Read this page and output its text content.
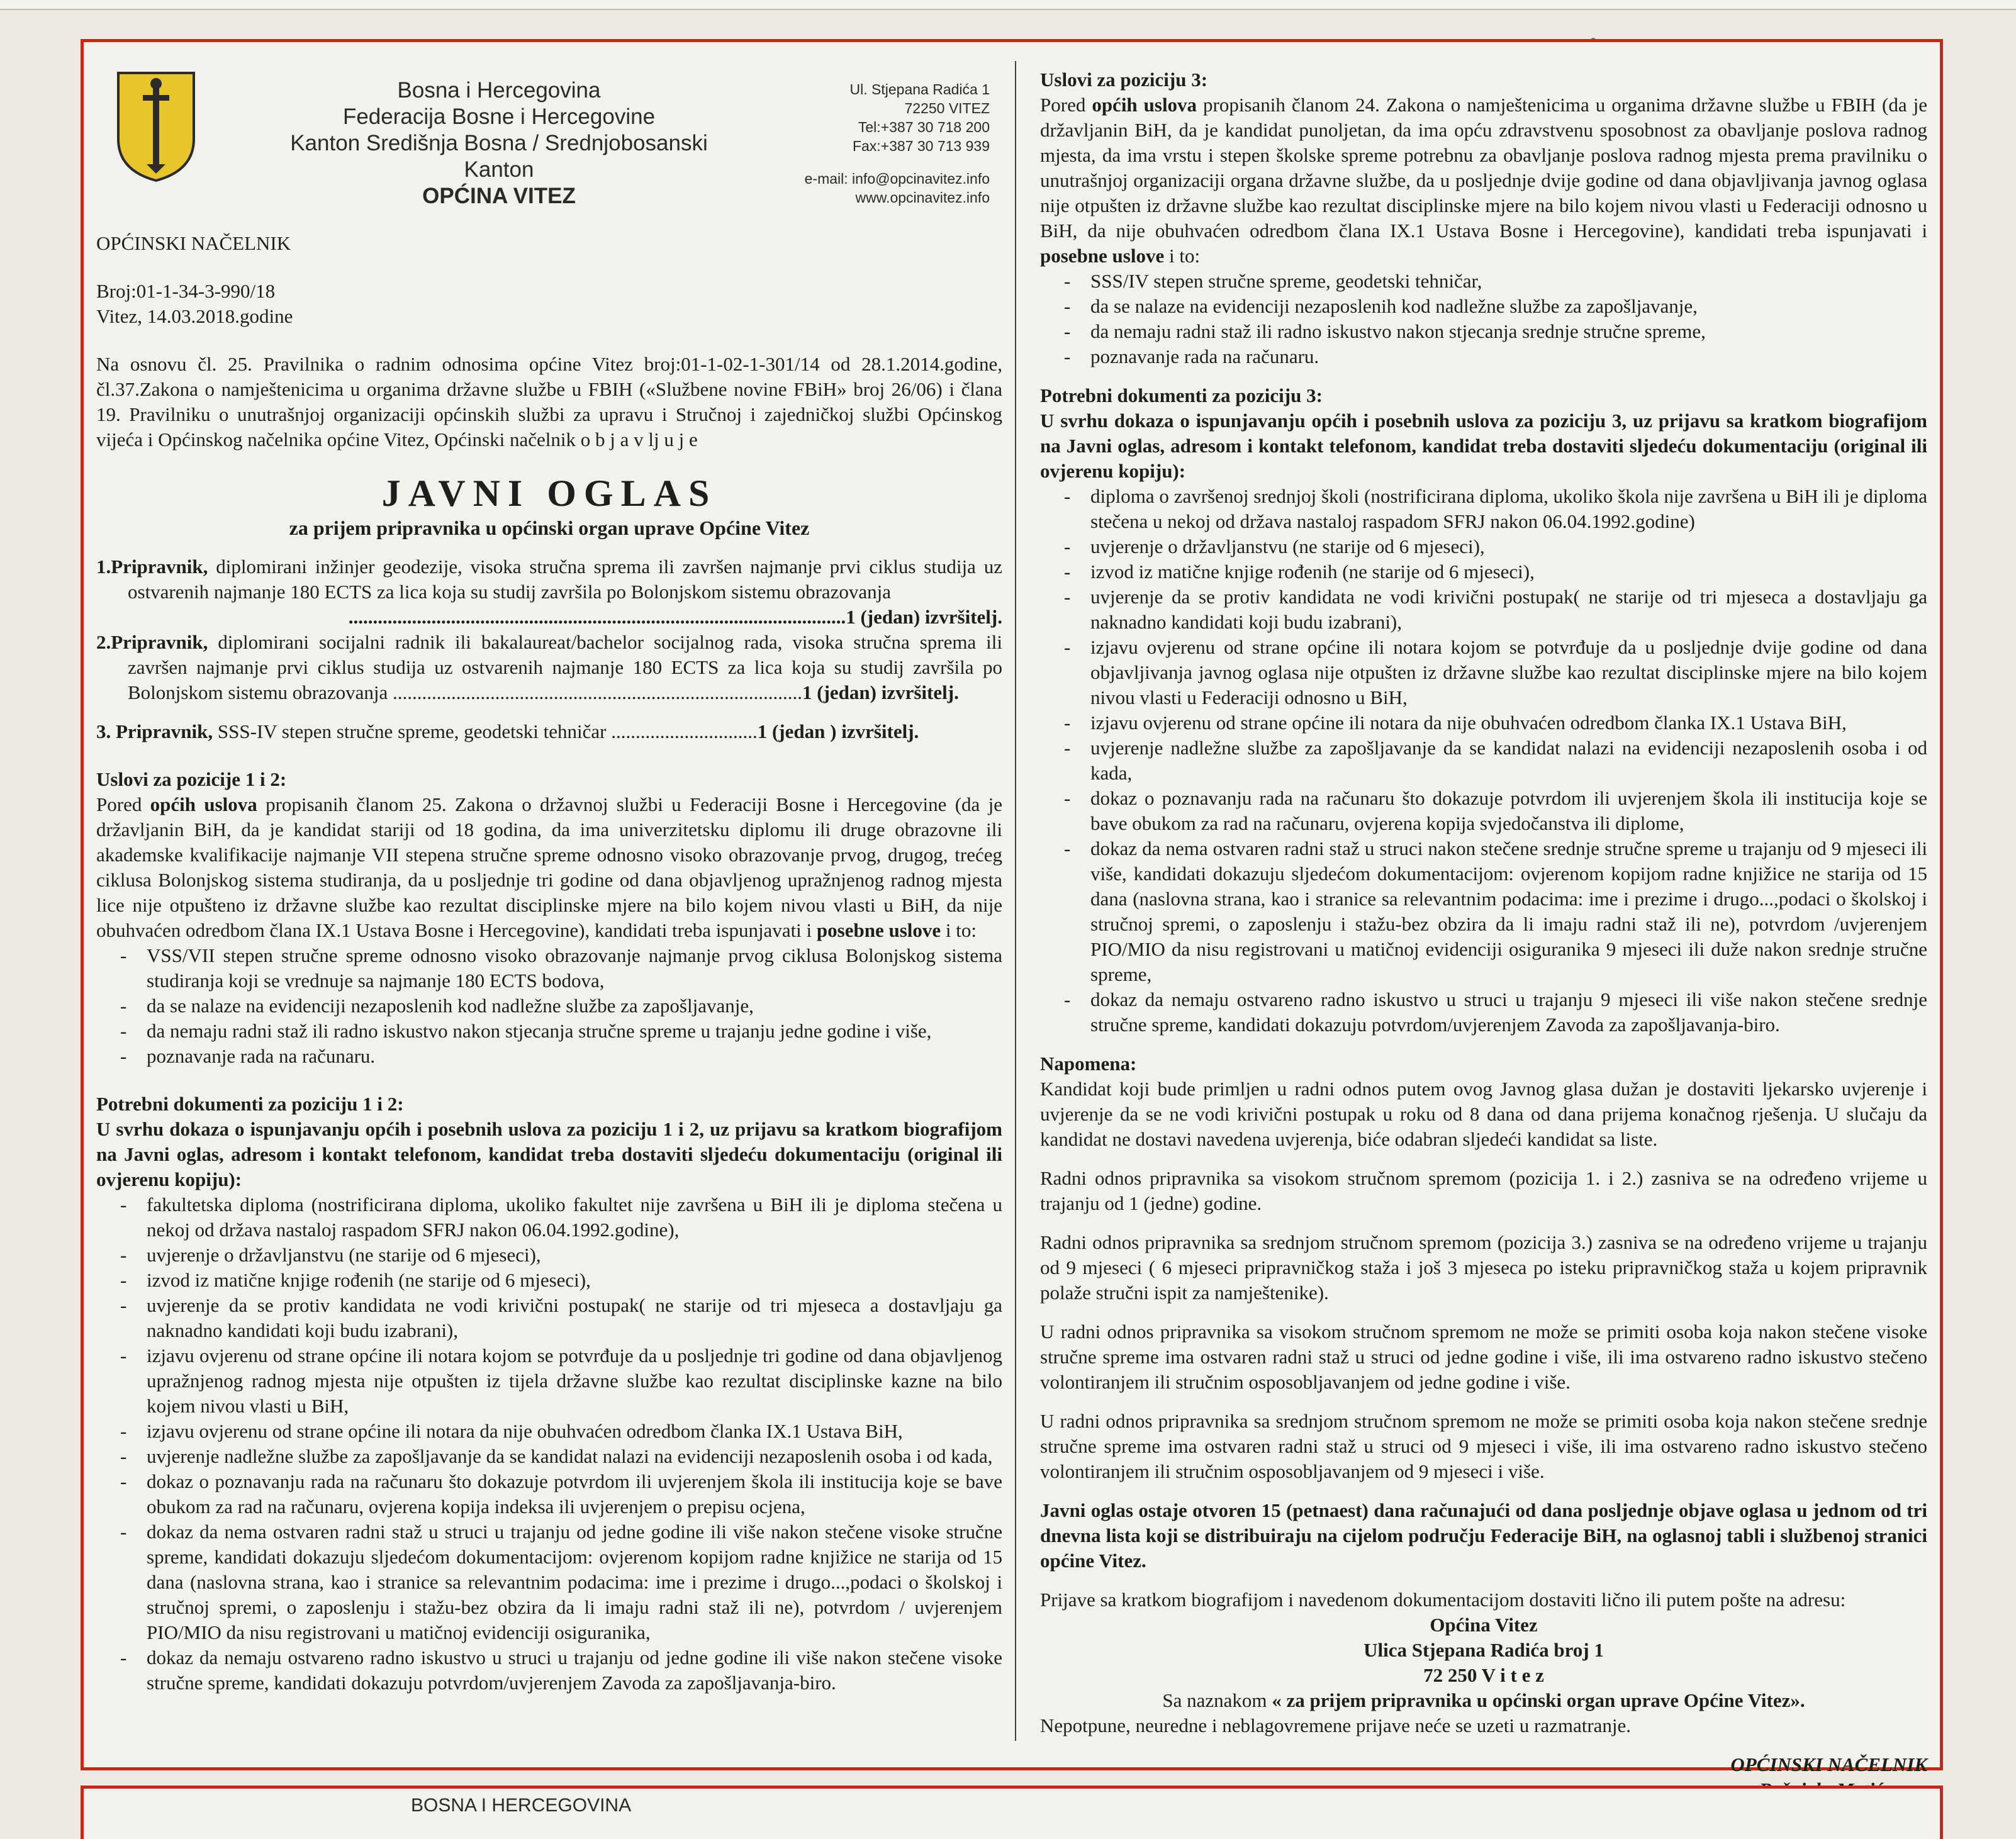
Bosna i Hercegovina
Federacija Bosne i Hercegovine
Kanton Središnja Bosna / Srednjobosanski Kanton
OPĆINA VITEZ
Ul. Stjepana Radića 1
72250 VITEZ
Tel:+387 30 718 200
Fax:+387 30 713 939
e-mail: info@opcinavitez.info
www.opcinavitez.info
OPĆINSKI NAČELNIK
Broj:01-1-34-3-990/18
Vitez, 14.03.2018.godine

Na osnovu čl. 25. Pravilnika o radnim odnosima općine Vitez broj:01-1-02-1-301/14 od 28.1.2014.godine, čl.37.Zakona o namještenicima u organima državne službe u FBIH («Službene novine FBiH» broj 26/06) i člana 19. Pravilniku o unutrašnjoj organizaciji općinskih službi za upravu i Stručnoj i zajedničkoj službi Općinskog vijeća i Općinskog načelnika općine Vitez, Općinski načelnik o b j a v lj u j e

JAVNI OGLAS
za prijem pripravnika u općinski organ uprave Općine Vitez

1.Pripravnik, diplomirani inžinjer geodezije, visoka stručna sprema ili završen najmanje prvi ciklus studija uz ostvarenih najmanje 180 ECTS za lica koja su studij završila po Bolonjskom sistemu obrazovanja

......................................................................................................1 (jedan) izvršitelj.

2.Pripravnik, diplomirani socijalni radnik ili bakalaureat/bachelor socijalnog rada, visoka stručna sprema ili završen najmanje prvi ciklus studija uz ostvarenih najmanje 180 ECTS za lica koja su studij završila po Bolonjskom sistemu obrazovanja ....................................................................................1 (jedan) izvršitelj.

3. Pripravnik, SSS-IV stepen stručne spreme, geodetski tehničar ..............................1 (jedan ) izvršitelj.

Uslovi za pozicije 1 i 2:

Pored općih uslova propisanih članom 25. Zakona o državnoj službi u Federaciji Bosne i Hercegovine (da je državljanin BiH, da je kandidat stariji od 18 godina, da ima univerzitetsku diplomu ili druge obrazovne ili akademske kvalifikacije najmanje VII stepena stručne spreme odnosno visoko obrazovanje prvog, drugog, trećeg ciklusa Bolonjskog sistema studiranja, da u posljednje tri godine od dana objavljenog upražnjenog radnog mjesta lice nije otpušteno iz državne službe kao rezultat disciplinske mjere na bilo kojem nivou vlasti u BiH, da nije obuhvaćen odredbom člana IX.1 Ustava Bosne i Hercegovine), kandidati treba ispunjavati i posebne uslove i to:

- VSS/VII stepen stručne spreme odnosno visoko obrazovanje najmanje prvog ciklusa Bolonjskog sistema studiranja koji se vrednuje sa najmanje 180 ECTS bodova,
- da se nalaze na evidenciji nezaposlenih kod nadležne službe za zapošljavanje,
- da nemaju radni staž ili radno iskustvo nakon stjecanja stručne spreme u trajanju jedne godine i više,
- poznavanje rada na računaru.
Potrebni dokumenti za poziciju 1 i 2:

U svrhu dokaza o ispunjavanju općih i posebnih uslova za poziciju 1 i 2, uz prijavu sa kratkom biografijom na Javni oglas, adresom i kontakt telefonom, kandidat treba dostaviti sljedeću dokumentaciju (original ili ovjerenu kopiju):

- fakultetska diploma (nostrificirana diploma, ukoliko fakultet nije završena u BiH ili je diploma stečena u nekoj od država nastaloj raspadom SFRJ nakon 06.04.1992.godine),
- uvjerenje o državljanstvu (ne starije od 6 mjeseci),
- izvod iz matične knjige rođenih (ne starije od 6 mjeseci),
- uvjerenje da se protiv kandidata ne vodi krivični postupak( ne starije od tri mjeseca a dostavljaju ga naknadno kandidati koji budu izabrani),
- izjavu ovjerenu od strane općine ili notara kojom se potvrđuje da u posljednje tri godine od dana objavljenog upražnjenog radnog mjesta nije otpušten iz tijela državne službe kao rezultat disciplinske kazne na bilo kojem nivou vlasti u BiH,
- izjavu ovjerenu od strane općine ili notara da nije obuhvaćen odredbom članka IX.1 Ustava BiH,
- uvjerenje nadležne službe za zapošljavanje da se kandidat nalazi na evidenciji nezaposlenih osoba i od kada,
- dokaz o poznavanju rada na računaru što dokazuje potvrdom ili uvjerenjem škola ili institucija koje se bave obukom za rad na računaru, ovjerena kopija indeksa ili uvjerenjem o prepisu ocjena,
- dokaz da nema ostvaren radni staž u struci u trajanju od jedne godine ili više nakon stečene visoke stručne spreme, kandidati dokazuju sljedećom dokumentacijom: ovjerenom kopijom radne knjižice ne starija od 15 dana (naslovna strana, kao i stranice sa relevantnim podacima: ime i prezime i drugo...,podaci o školskoj i stručnoj spremi, o zaposlenju i stažu-bez obzira da li imaju radni staž ili ne), potvrdom / uvjerenjem PIO/MIO da nisu registrovani u matičnoj evidenciji osiguranika,
- dokaz da nemaju ostvareno radno iskustvo u struci u trajanju od jedne godine ili više nakon stečene visoke stručne spreme, kandidati dokazuju potvrdom/uvjerenjem Zavoda za zapošljavanja-biro.
Uslovi za poziciju 3:

Pored općih uslova propisanih članom 24. Zakona o namještenicima u organima državne službe u FBIH (da je državljanin BiH, da je kandidat punoljetan, da ima opću zdravstvenu sposobnost za obavljanje poslova radnog mjesta, da ima vrstu i stepen školske spreme potrebnu za obavljanje poslova radnog mjesta prema pravilniku o unutrašnjoj organizaciji organa državne službe, da u posljednje dvije godine od dana objavljivanja javnog oglasa nije otpušten iz državne službe kao rezultat disciplinske mjere na bilo kojem nivou vlasti u Federaciji odnosno u BiH, da nije obuhvaćen odredbom člana IX.1 Ustava Bosne i Hercegovine), kandidati treba ispunjavati i posebne uslove i to:

- SSS/IV stepen stručne spreme, geodetski tehničar,
- da se nalaze na evidenciji nezaposlenih kod nadležne službe za zapošljavanje,
- da nemaju radni staž ili radno iskustvo nakon stjecanja srednje stručne spreme,
- poznavanje rada na računaru.
Potrebni dokumenti za poziciju 3:

U svrhu dokaza o ispunjavanju općih i posebnih uslova za poziciju 3, uz prijavu sa kratkom biografijom na Javni oglas, adresom i kontakt telefonom, kandidat treba dostaviti sljedeću dokumentaciju (original ili ovjerenu kopiju):

- diploma o završenoj srednjoj školi (nostrificirana diploma, ukoliko škola nije završena u BiH ili je diploma stečena u nekoj od država nastaloj raspadom SFRJ nakon 06.04.1992.godine)
- uvjerenje o državljanstvu (ne starije od 6 mjeseci),
- izvod iz matične knjige rođenih (ne starije od 6 mjeseci),
- uvjerenje da se protiv kandidata ne vodi krivični postupak( ne starije od tri mjeseca a dostavljaju ga naknadno kandidati koji budu izabrani),
- izjavu ovjerenu od strane općine ili notara kojom se potvrđuje da u posljednje dvije godine od dana objavljivanja javnog oglasa nije otpušten iz državne službe kao rezultat disciplinske mjere na bilo kojem nivou vlasti u Federaciji odnosno u BiH,
- izjavu ovjerenu od strane općine ili notara da nije obuhvaćen odredbom članka IX.1 Ustava BiH,
- uvjerenje nadležne službe za zapošljavanje da se kandidat nalazi na evidenciji nezaposlenih osoba i od kada,
- dokaz o poznavanju rada na računaru što dokazuje potvrdom ili uvjerenjem škola ili institucija koje se bave obukom za rad na računaru, ovjerena kopija svjedočanstva ili diplome,
- dokaz da nema ostvaren radni staž u struci nakon stečene srednje stručne spreme u trajanju od 9 mjeseci ili više, kandidati dokazuju sljedećom dokumentacijom: ovjerenom kopijom radne knjižice ne starija od 15 dana (naslovna strana, kao i stranice sa relevantnim podacima: ime i prezime i drugo...,podaci o školskoj i stručnoj spremi, o zaposlenju i stažu-bez obzira da li imaju radni staž ili ne), potvrdom /uvjerenjem PIO/MIO da nisu registrovani u matičnoj evidenciji osiguranika 9 mjeseci ili duže nakon srednje stručne spreme,
- dokaz da nemaju ostvareno radno iskustvo u struci u trajanju 9 mjeseci ili više nakon stečene srednje stručne spreme, kandidati dokazuju potvrdom/uvjerenjem Zavoda za zapošljavanja-biro.
Napomena:

Kandidat koji bude primljen u radni odnos putem ovog Javnog glasa dužan je dostaviti ljekarsko uvjerenje i uvjerenje da se ne vodi krivični postupak u roku od 8 dana od dana prijema konačnog rješenja. U slučaju da kandidat ne dostavi navedena uvjerenja, biće odabran sljedeći kandidat sa liste.

Radni odnos pripravnika sa visokom stručnom spremom (pozicija 1. i 2.) zasniva se na određeno vrijeme u trajanju od 1 (jedne) godine.

Radni odnos pripravnika sa srednjom stručnom spremom (pozicija 3.) zasniva se na određeno vrijeme u trajanju od 9 mjeseci ( 6 mjeseci pripravničkog staža i još 3 mjeseca po isteku pripravničkog staža u kojem pripravnik polaže stručni ispit za namještenike).

U radni odnos pripravnika sa visokom stručnom spremom ne može se primiti osoba koja nakon stečene visoke stručne spreme ima ostvaren radni staž u struci od jedne godine i više, ili ima ostvareno radno iskustvo stečeno volontiranjem ili stručnim osposobljavanjem od jedne godine i više.

U radni odnos pripravnika sa srednjom stručnom spremom ne može se primiti osoba koja nakon stečene srednje stručne spreme ima ostvaren radni staž u struci od 9 mjeseci i više, ili ima ostvareno radno iskustvo stečeno volontiranjem ili stručnim osposobljavanjem od 9 mjeseci i više.

Javni oglas ostaje otvoren 15 (petnaest) dana računajući od dana posljednje objave oglasa u jednom od tri dnevna lista koji se distribuiraju na cijelom području Federacije BiH, na oglasnoj tabli i službenoj stranici općine Vitez.

Prijave sa kratkom biografijom i navedenom dokumentacijom dostaviti lično ili putem pošte na adresu:

Općina Vitez
Ulica Stjepana Radića broj 1
72 250 V i t e z
Sa naznakom « za prijem pripravnika u općinski organ uprave Općine Vitez».
Nepotpune, neuredne i neblagovremene prijave neće se uzeti u razmatranje.
OPĆINSKI NAČELNIK
BOSNA I HERCEGOVINA
